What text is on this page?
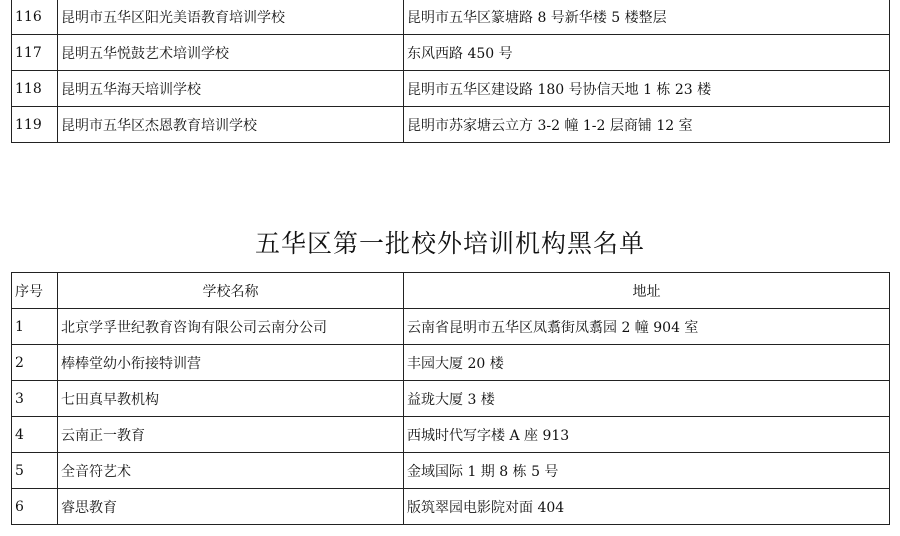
116	昆明市五华区阳光美语教育培训学校	昆明市五华区篆塘路 8 号新华楼 5 楼整层
117	昆明五华悦鼓艺术培训学校	东风西路 450 号
118	昆明五华海天培训学校	昆明市五华区建设路 180 号协信天地 1 栋 23 楼
119	昆明市五华区杰恩教育培训学校	昆明市苏家塘云立方 3-2 幢 1-2 层商铺 12 室
五华区第一批校外培训机构黑名单
序号	学校名称	地址
1	北京学孚世纪教育咨询有限公司云南分公司	云南省昆明市五华区凤翥街凤翥园 2 幢 904 室
2	棒棒堂幼小衔接特训营	丰园大厦 20 楼
3	七田真早教机构	益珑大厦 3 楼
4	云南正一教育	西城时代写字楼 A 座 913
5	全音符艺术	金域国际 1 期 8 栋 5 号
6	睿思教育	版筑翠园电影院对面 404
